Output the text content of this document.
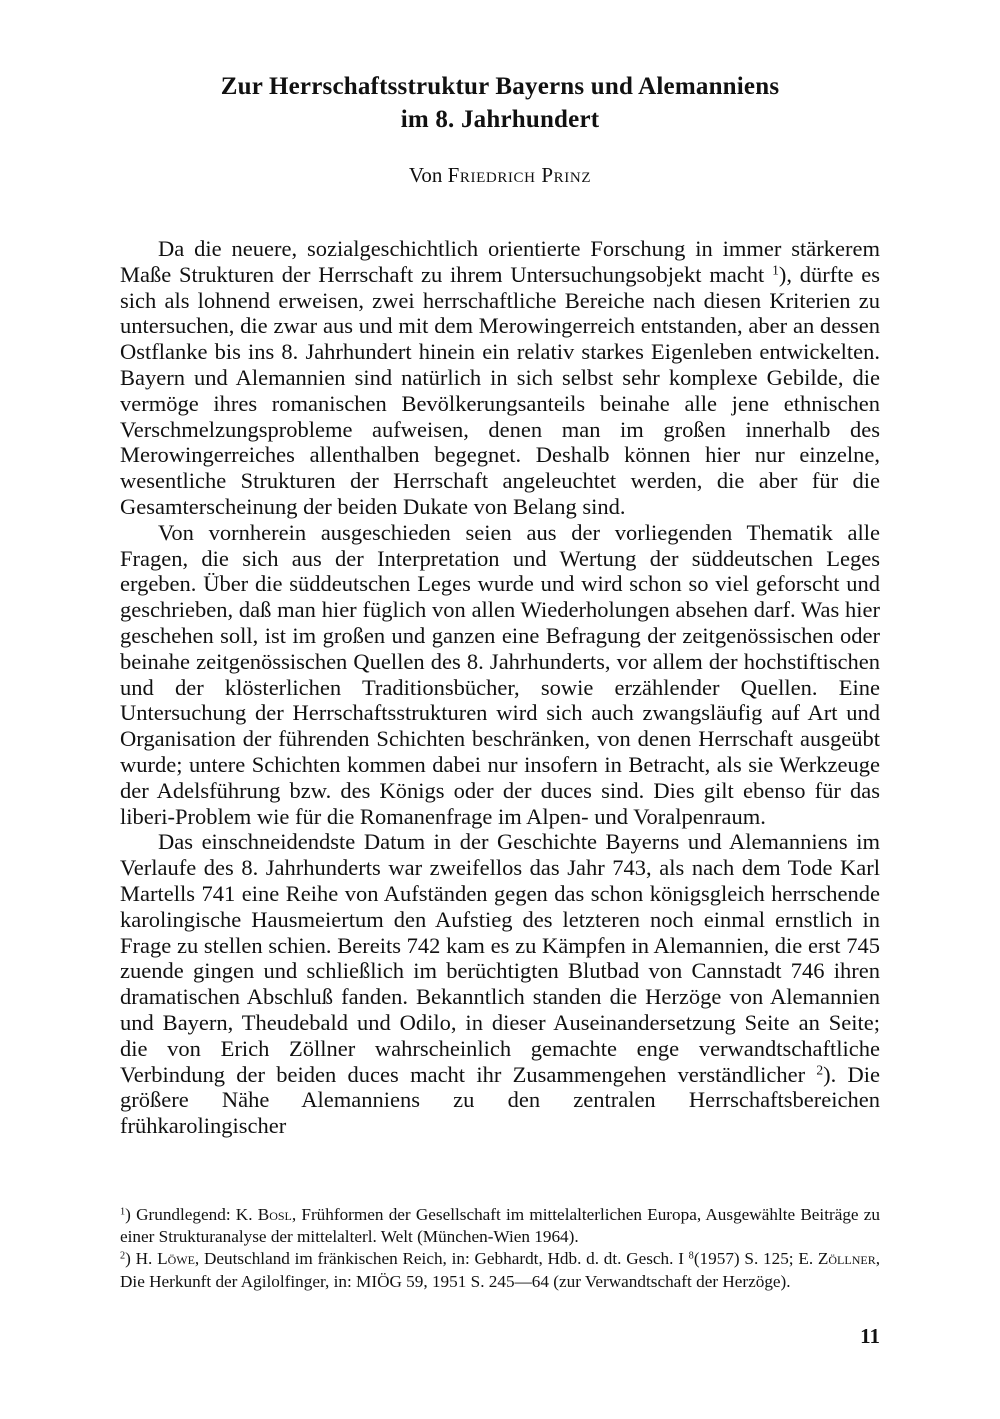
Zur Herrschaftsstruktur Bayerns und Alemanniens
im 8. Jahrhundert
Von Friedrich Prinz

Da die neuere, sozialgeschichtlich orientierte Forschung in immer stärkerem Maße Strukturen der Herrschaft zu ihrem Untersuchungsobjekt macht $^1$), dürfte es sich als lohnend erweisen, zwei herrschaftliche Bereiche nach diesen Kriterien zu untersuchen, die zwar aus und mit dem Merowingerreich entstanden, aber an dessen Ostflanke bis ins 8. Jahrhundert hinein ein relativ starkes Eigenleben entwickelten. Bayern und Alemannien sind natürlich in sich selbst sehr komplexe Gebilde, die vermöge ihres romanischen Bevölkerungsanteils beinahe alle jene ethnischen Verschmelzungsprobleme aufweisen, denen man im großen innerhalb des Merowingerreiches allenthalben begegnet. Deshalb können hier nur einzelne, wesentliche Strukturen der Herrschaft angeleuchtet werden, die aber für die Gesamterscheinung der beiden Dukate von Belang sind.

Von vornherein ausgeschieden seien aus der vorliegenden Thematik alle Fragen, die sich aus der Interpretation und Wertung der süddeutschen Leges ergeben. Über die süddeutschen Leges wurde und wird schon so viel geforscht und geschrieben, daß man hier füglich von allen Wiederholungen absehen darf. Was hier geschehen soll, ist im großen und ganzen eine Befragung der zeitgenössischen oder beinahe zeitgenössischen Quellen des 8. Jahrhunderts, vor allem der hochstiftischen und der klösterlichen Traditionsbücher, sowie erzählender Quellen. Eine Untersuchung der Herrschaftsstrukturen wird sich auch zwangsläufig auf Art und Organisation der führenden Schichten beschränken, von denen Herrschaft ausgeübt wurde; untere Schichten kommen dabei nur insofern in Betracht, als sie Werkzeuge der Adelsführung bzw. des Königs oder der duces sind. Dies gilt ebenso für das liberi-Problem wie für die Romanenfrage im Alpen- und Voralpenraum.

Das einschneidendste Datum in der Geschichte Bayerns und Alemanniens im Verlaufe des 8. Jahrhunderts war zweifellos das Jahr 743, als nach dem Tode Karl Martells 741 eine Reihe von Aufständen gegen das schon königsgleich herrschende karolingische Hausmeiertum den Aufstieg des letzteren noch einmal ernstlich in Frage zu stellen schien. Bereits 742 kam es zu Kämpfen in Alemannien, die erst 745 zuende gingen und schließlich im berüchtigten Blutbad von Cannstadt 746 ihren dramatischen Abschluß fanden. Bekanntlich standen die Herzöge von Alemannien und Bayern, Theudebald und Odilo, in dieser Auseinandersetzung Seite an Seite; die von Erich Zöllner wahrscheinlich gemachte enge verwandtschaftliche Verbindung der beiden duces macht ihr Zusammengehen verständlicher $^2$). Die größere Nähe Alemanniens zu den zentralen Herrschaftsbereichen frühkarolingischer

$^1$) Grundlegend: K. Bosl, Frühformen der Gesellschaft im mittelalterlichen Europa, Ausgewählte Beiträge zu einer Strukturanalyse der mittelalterl. Welt (München-Wien 1964).

$^2$) H. Löwe, Deutschland im fränkischen Reich, in: Gebhardt, Hdb. d. dt. Gesch. I $^8$(1957) S. 125; E. Zöllner, Die Herkunft der Agilolfinger, in: MIÖG 59, 1951 S. 245—64 (zur Verwandtschaft der Herzöge).

11
